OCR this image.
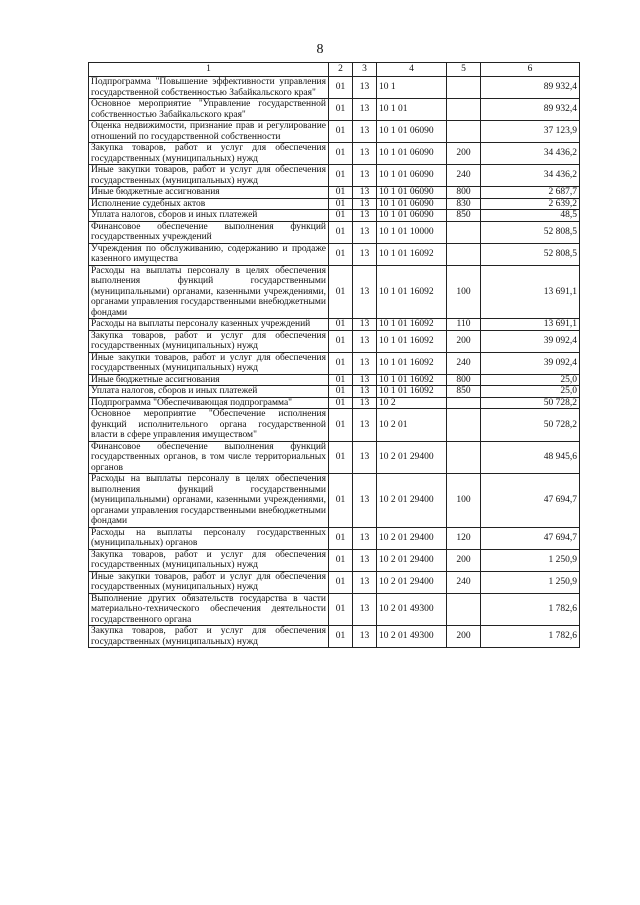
8
1	2	3	4	5	6
Подпрограмма "Повышение эффективности управления государственной собственностью Забайкальского края"	01	13	10 1		89 932,4
Основное мероприятие "Управление государственной собственностью Забайкальского края"	01	13	10 1 01		89 932,4
Оценка недвижимости, признание прав и регулирование отношений по государственной собственности	01	13	10 1 01 06090		37 123,9
Закупка товаров, работ и услуг для обеспечения государственных (муниципальных) нужд	01	13	10 1 01 06090	200	34 436,2
Иные закупки товаров, работ и услуг для обеспечения государственных (муниципальных) нужд	01	13	10 1 01 06090	240	34 436,2
Иные бюджетные ассигнования	01	13	10 1 01 06090	800	2 687,7
Исполнение судебных актов	01	13	10 1 01 06090	830	2 639,2
Уплата налогов, сборов и иных платежей	01	13	10 1 01 06090	850	48,5
Финансовое обеспечение выполнения функций государственных учреждений	01	13	10 1 01 10000		52 808,5
Учреждения по обслуживанию, содержанию и продаже казенного имущества	01	13	10 1 01 16092		52 808,5
Расходы на выплаты персоналу в целях обеспечения выполнения функций государственными (муниципальными) органами, казенными учреждениями, органами управления государственными внебюджетными фондами	01	13	10 1 01 16092	100	13 691,1
Расходы на выплаты персоналу казенных учреждений	01	13	10 1 01 16092	110	13 691,1
Закупка товаров, работ и услуг для обеспечения государственных (муниципальных) нужд	01	13	10 1 01 16092	200	39 092,4
Иные закупки товаров, работ и услуг для обеспечения государственных (муниципальных) нужд	01	13	10 1 01 16092	240	39 092,4
Иные бюджетные ассигнования	01	13	10 1 01 16092	800	25,0
Уплата налогов, сборов и иных платежей	01	13	10 1 01 16092	850	25,0
Подпрограмма "Обеспечивающая подпрограмма"	01	13	10 2		50 728,2
Основное мероприятие "Обеспечение исполнения функций исполнительного органа государственной власти в сфере управления имуществом"	01	13	10 2 01		50 728,2
Финансовое обеспечение выполнения функций государственных органов, в том числе территориальных органов	01	13	10 2 01 29400		48 945,6
Расходы на выплаты персоналу в целях обеспечения выполнения функций государственными (муниципальными) органами, казенными учреждениями, органами управления государственными внебюджетными фондами	01	13	10 2 01 29400	100	47 694,7
Расходы на выплаты персоналу государственных (муниципальных) органов	01	13	10 2 01 29400	120	47 694,7
Закупка товаров, работ и услуг для обеспечения государственных (муниципальных) нужд	01	13	10 2 01 29400	200	1 250,9
Иные закупки товаров, работ и услуг для обеспечения государственных (муниципальных) нужд	01	13	10 2 01 29400	240	1 250,9
Выполнение других обязательств государства в части материально-технического обеспечения деятельности государственного органа	01	13	10 2 01 49300		1 782,6
Закупка товаров, работ и услуг для обеспечения государственных (муниципальных) нужд	01	13	10 2 01 49300	200	1 782,6
